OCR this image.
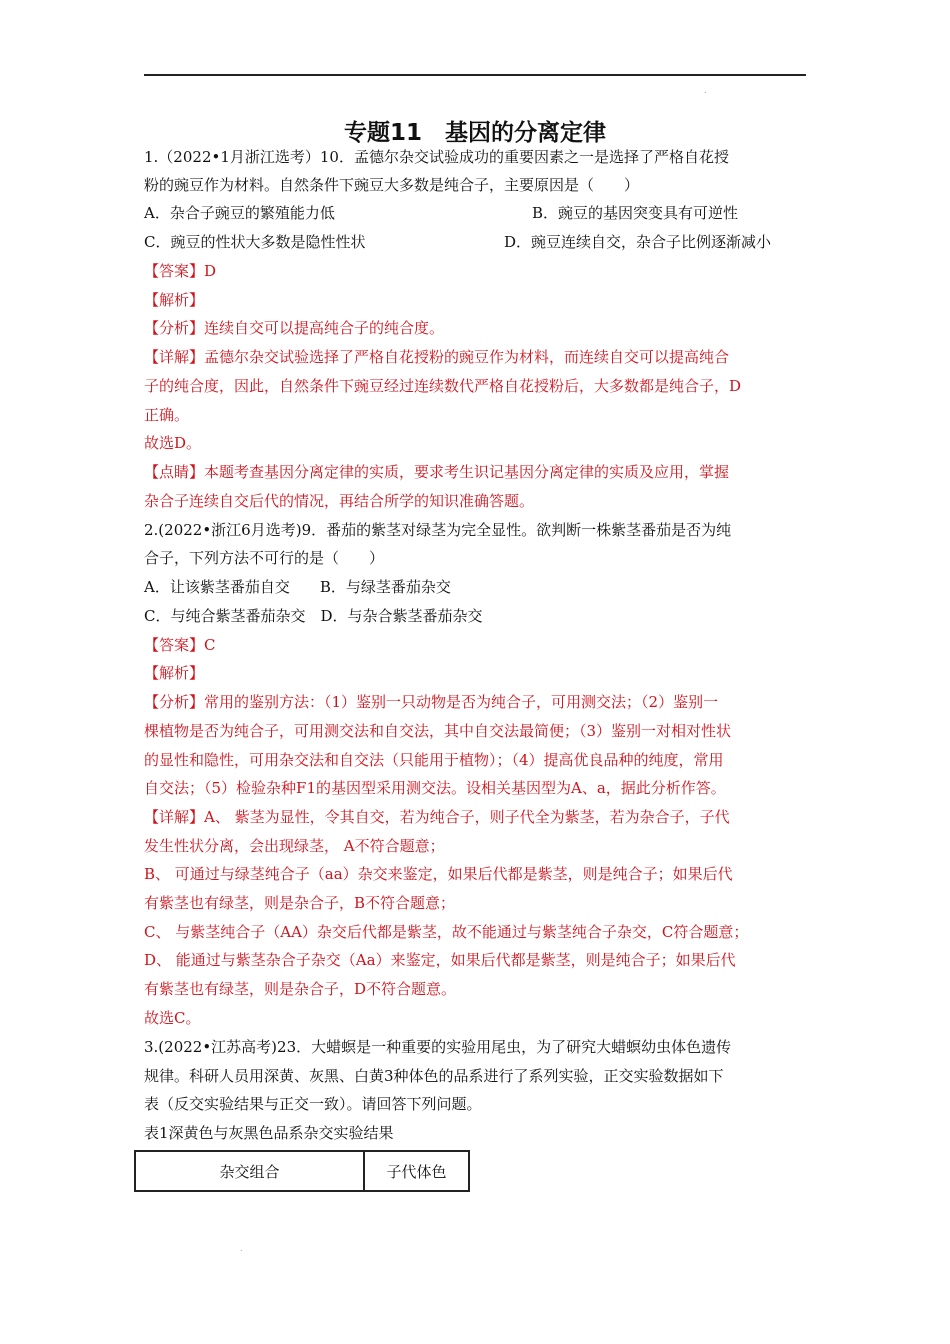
.
专题11　基因的分离定律
1.（2022•1月浙江选考）10．孟德尔杂交试验成功的重要因素之一是选择了严格自花授
粉的豌豆作为材料。自然条件下豌豆大多数是纯合子，主要原因是（　　）
A．杂合子豌豆的繁殖能力低	B．豌豆的基因突变具有可逆性
C．豌豆的性状大多数是隐性性状	D．豌豆连续自交，杂合子比例逐渐减小
【答案】D
【解析】
【分析】连续自交可以提高纯合子的纯合度。
【详解】孟德尔杂交试验选择了严格自花授粉的豌豆作为材料，而连续自交可以提高纯合
子的纯合度，因此，自然条件下豌豆经过连续数代严格自花授粉后，大多数都是纯合子，D
正确。
故选D。
【点睛】本题考查基因分离定律的实质，要求考生识记基因分离定律的实质及应用，掌握
杂合子连续自交后代的情况，再结合所学的知识准确答题。
2.(2022•浙江6月选考)9．番茄的紫茎对绿茎为完全显性。欲判断一株紫茎番茄是否为纯
合子，下列方法不可行的是（　　）
A．让该紫茎番茄自交　　B．与绿茎番茄杂交
C．与纯合紫茎番茄杂交　D．与杂合紫茎番茄杂交
【答案】C
【解析】
【分析】常用的鉴别方法：（1）鉴别一只动物是否为纯合子，可用测交法；（2）鉴别一
棵植物是否为纯合子，可用测交法和自交法，其中自交法最简便；（3）鉴别一对相对性状
的显性和隐性，可用杂交法和自交法（只能用于植物）；（4）提高优良品种的纯度，常用
自交法；（5）检验杂种F1的基因型采用测交法。设相关基因型为A、a，据此分析作答。
【详解】A、 紫茎为显性，令其自交，若为纯合子，则子代全为紫茎，若为杂合子，子代
发生性状分离，会出现绿茎， A不符合题意；
B、 可通过与绿茎纯合子（aa）杂交来鉴定，如果后代都是紫茎，则是纯合子；如果后代
有紫茎也有绿茎，则是杂合子，B不符合题意；
C、 与紫茎纯合子（AA）杂交后代都是紫茎，故不能通过与紫茎纯合子杂交，C符合题意；
D、 能通过与紫茎杂合子杂交（Aa）来鉴定，如果后代都是紫茎，则是纯合子；如果后代
有紫茎也有绿茎，则是杂合子，D不符合题意。
故选C。
3.(2022•江苏高考)23．大蜡螟是一种重要的实验用尾虫，为了研究大蜡螟幼虫体色遗传
规律。科研人员用深黄、灰黑、白黄3种体色的品系进行了系列实验，正交实验数据如下
表（反交实验结果与正交一致）。请回答下列问题。
表1深黄色与灰黑色品系杂交实验结果
杂交组合	子代体色
.
